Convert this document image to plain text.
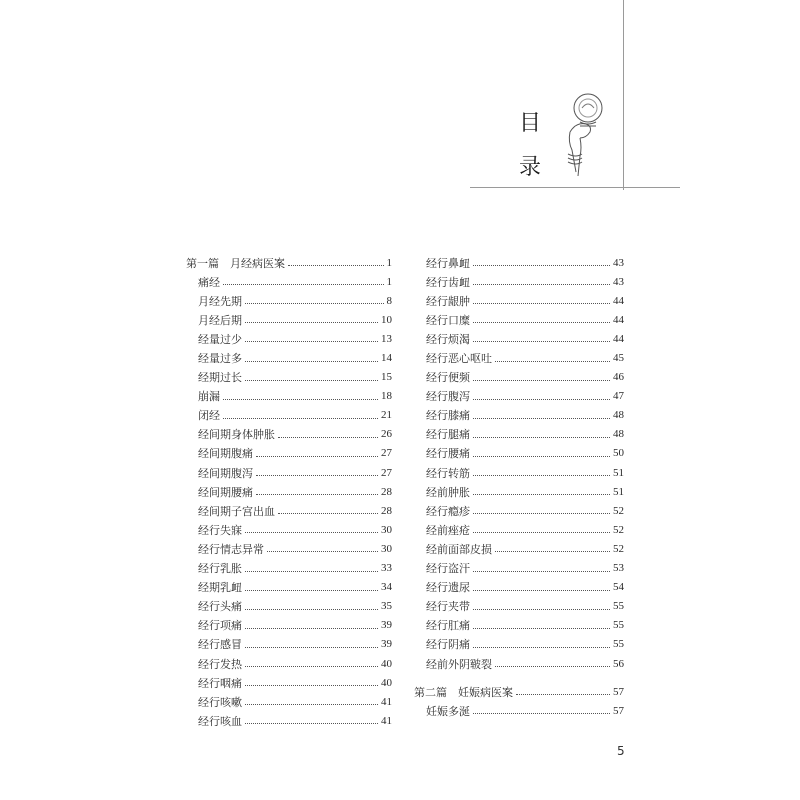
目
录
第一篇　月经病医案	1
痛经	1
月经先期	8
月经后期	10
经量过少	13
经量过多	14
经期过长	15
崩漏	18
闭经	21
经间期身体肿胀	26
经间期腹痛	27
经间期腹泻	27
经间期腰痛	28
经间期子宫出血	28
经行失寐	30
经行情志异常	30
经行乳胀	33
经期乳衄	34
经行头痛	35
经行项痛	39
经行感冒	39
经行发热	40
经行咽痛	40
经行咳嗽	41
经行咳血	41
经行鼻衄	43
经行齿衄	43
经行龈肿	44
经行口糜	44
经行烦渴	44
经行恶心呕吐	45
经行便频	46
经行腹泻	47
经行膝痛	48
经行腿痛	48
经行腰痛	50
经行转筋	51
经前肿胀	51
经行瘾疹	52
经前痤疮	52
经前面部皮损	52
经行盗汗	53
经行遗尿	54
经行夹带	55
经行肛痛	55
经行阴痛	55
经前外阴皲裂	56
第二篇　妊娠病医案	57
妊娠多涎	57
5
